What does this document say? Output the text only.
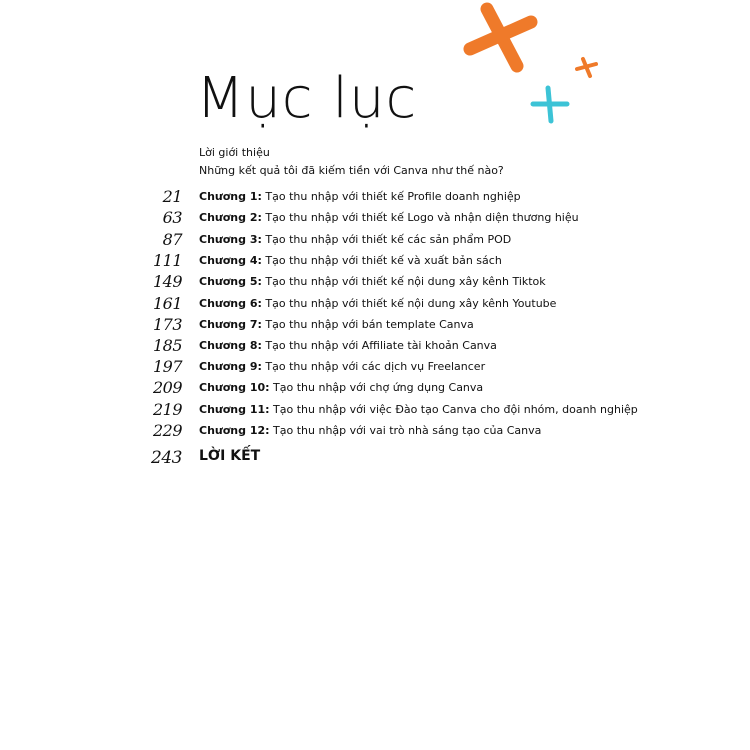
Mục lục
Lời giới thiệu
Những kết quả tôi đã kiếm tiền với Canva như thế nào?
21 Chương 1: Tạo thu nhập với thiết kế Profile doanh nghiệp
63 Chương 2: Tạo thu nhập với thiết kế Logo và nhận diện thương hiệu
87 Chương 3: Tạo thu nhập với thiết kế các sản phẩm POD
111 Chương 4: Tạo thu nhập với thiết kế và xuất bản sách
149 Chương 5: Tạo thu nhập với thiết kế nội dung xây kênh Tiktok
161 Chương 6: Tạo thu nhập với thiết kế nội dung xây kênh Youtube
173 Chương 7: Tạo thu nhập với bán template Canva
185 Chương 8: Tạo thu nhập với Affiliate tài khoản Canva
197 Chương 9: Tạo thu nhập với các dịch vụ Freelancer
209 Chương 10: Tạo thu nhập với chợ ứng dụng Canva
219 Chương 11: Tạo thu nhập với việc Đào tạo Canva cho đội nhóm, doanh nghiệp
229 Chương 12: Tạo thu nhập với vai trò nhà sáng tạo của Canva
243 LỜI KẾT
